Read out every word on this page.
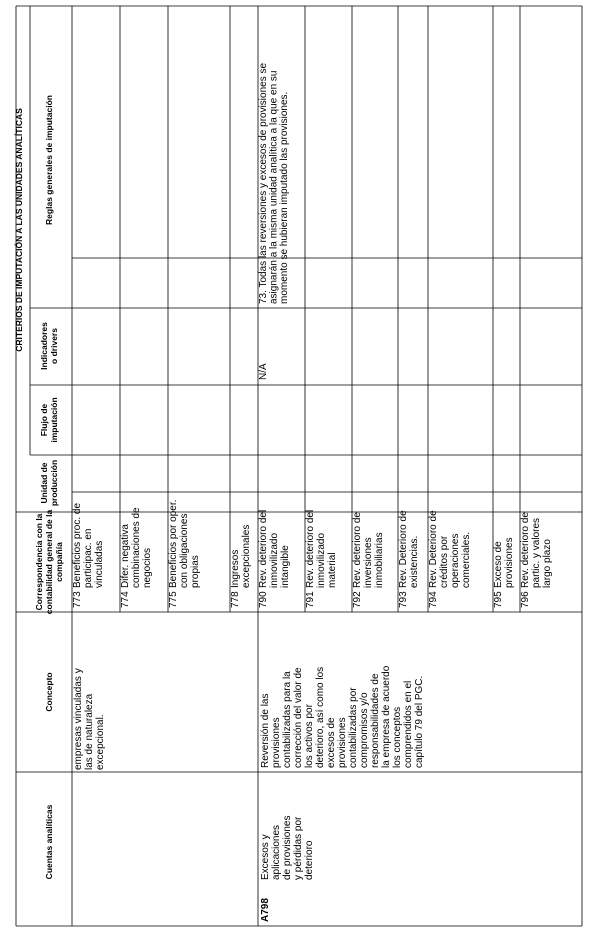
CRITERIOS DE IMPUTACIÓN A LAS UNIDADES ANALÍTICAS
Cuentas analíticas
Concepto
Correspondencia con lacontabilidad general de lacompañía
Unidad deproducción
Flujo deimputación
Indicadoreso drivers
Reglas generales de imputación
empresas vinculadas ylas de naturalezaexcepcional.
773
Beneficios proc. departicipac. envinculadas
774
Difer. negativacombinaciones denegocios
775
Beneficios por oper.con obligacionespropias
778
Ingresosexcepcionales
A798
Excesos yaplicacionesde provisionesy pérdidas pordeterioro
Reversión de lasprovisionescontabilizadas para lacorrección del valor delos activos pordeterioro, así como losexcesos deprovisionescontabilizadas porcompromisos y/oresponsabilidades dela empresa de acuerdolos conceptoscomprendidos en elcapítulo 79 del PGC.
790
Rev. deterioro delinmovilizadointangible
791
Rev. deterioro delinmovilizadomaterial
792
Rev. deterioro deinversionesinmobiliarias
793
Rev. Deterioro deexistencias.
794
Rev. Deterioro decréditos poroperacionescomerciales.
795
Exceso deprovisiones
796
Rev. deterioro departic. y valoreslargo plazo
N/A
73. Todas las reversiones y excesos de provisiones seasignarán a la misma unidad analítica a la que en sumomento se hubieran imputado las provisiones.
